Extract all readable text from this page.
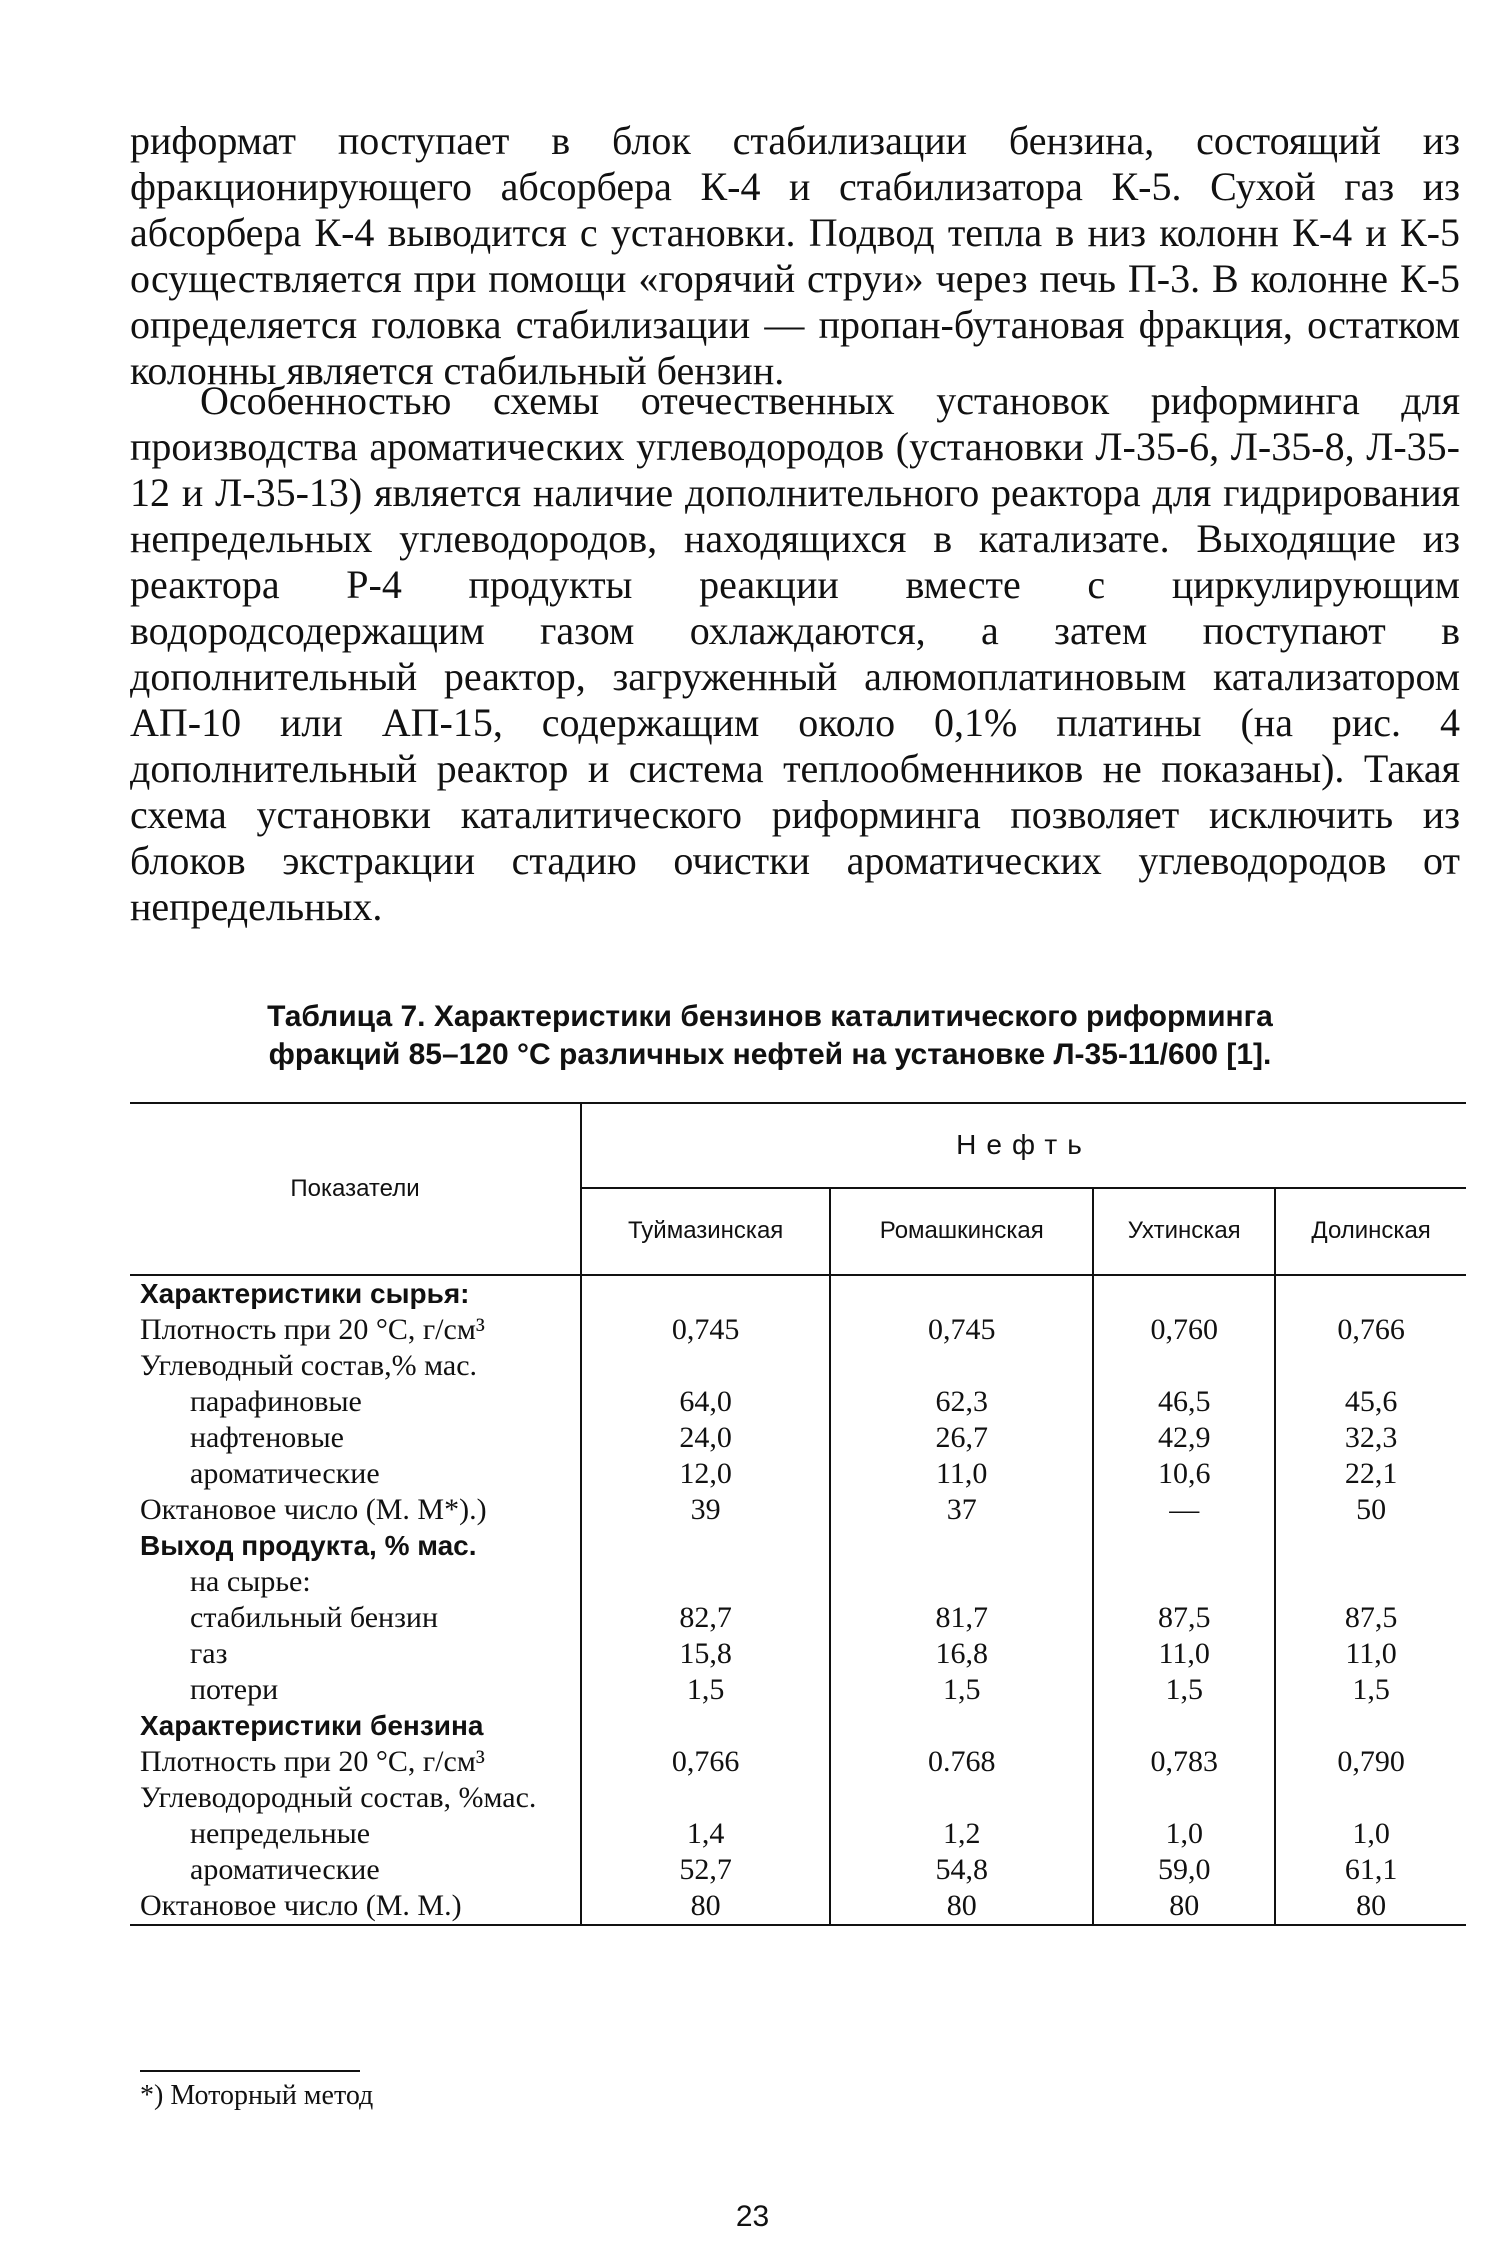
риформат поступает в блок стабилизации бензина, состоящий из фракционирующего абсорбера К-4 и стабилизатора К-5. Сухой газ из абсорбера К-4 выводится с установки. Подвод тепла в низ колонн К-4 и К-5 осуществляется при помощи «горячий струи» через печь П-3. В колонне К-5 определяется головка стабилизации — пропан-бутановая фракция, остатком колонны является стабильный бензин.

Особенностью схемы отечественных установок риформинга для производства ароматических углеводородов (установки Л-35-6, Л-35-8, Л-35-12 и Л-35-13) является наличие дополнительного реактора для гидрирования непредельных углеводородов, находящихся в катализате. Выходящие из реактора Р-4 продукты реакции вместе с циркулирующим водородсодержащим газом охлаждаются, а затем поступают в дополнительный реактор, загруженный алюмоплатиновым катализатором АП-10 или АП-15, содержащим около 0,1% платины (на рис. 4 дополнительный реактор и система теплообменников не показаны). Такая схема установки каталитического риформинга позволяет исключить из блоков экстракции стадию очистки ароматических углеводородов от непредельных.

Таблица 7. Характеристики бензинов каталитического риформинга
фракций 85–120 °С различных нефтей на установке Л-35-11/600 [1].
Показатели	Нефть			
	Туймазинская	Ромашкинская	Ухтинская	Долинская
Характеристики сырья:				
Плотность при 20 °С, г/см³	0,745	0,745	0,760	0,766
Углеводный состав,% мас.				
парафиновые	64,0	62,3	46,5	45,6
нафтеновые	24,0	26,7	42,9	32,3
ароматические	12,0	11,0	10,6	22,1
Октановое число (М. М*).)	39	37	—	50
Выход продукта, % мас.				
на сырье:				
стабильный бензин	82,7	81,7	87,5	87,5
газ	15,8	16,8	11,0	11,0
потери	1,5	1,5	1,5	1,5
Характеристики бензина				
Плотность при 20 °С, г/см³	0,766	0.768	0,783	0,790
Углеводородный состав, %мас.				
непредельные	1,4	1,2	1,0	1,0
ароматические	52,7	54,8	59,0	61,1
Октановое число (М. М.)	80	80	80	80
*) Моторный метод
23
